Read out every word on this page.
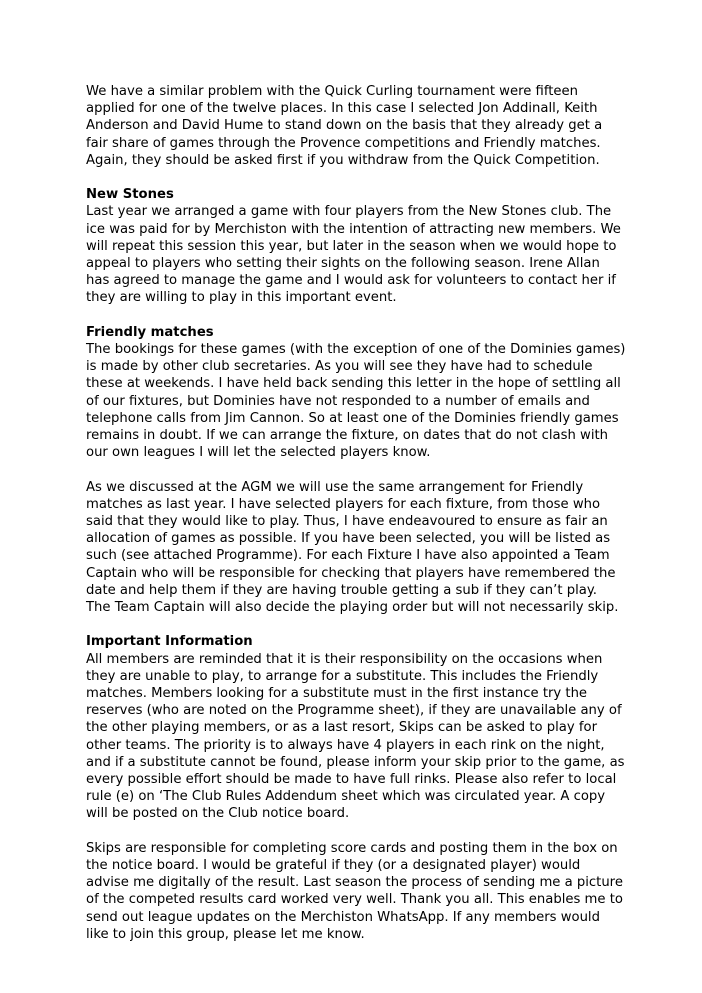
We have a similar problem with the Quick Curling tournament were fifteen
applied for one of the twelve places. In this case I selected Jon Addinall, Keith
Anderson and David Hume to stand down on the basis that they already get a
fair share of games through the Provence competitions and Friendly matches.
Again, they should be asked first if you withdraw from the Quick Competition.

New Stones

Last year we arranged a game with four players from the New Stones club. The
ice was paid for by Merchiston with the intention of attracting new members. We
will repeat this session this year, but later in the season when we would hope to
appeal to players who setting their sights on the following season. Irene Allan
has agreed to manage the game and I would ask for volunteers to contact her if
they are willing to play in this important event.

Friendly matches

The bookings for these games (with the exception of one of the Dominies games)
is made by other club secretaries. As you will see they have had to schedule
these at weekends. I have held back sending this letter in the hope of settling all
of our fixtures, but Dominies have not responded to a number of emails and
telephone calls from Jim Cannon. So at least one of the Dominies friendly games
remains in doubt. If we can arrange the fixture, on dates that do not clash with
our own leagues I will let the selected players know.

As we discussed at the AGM we will use the same arrangement for Friendly
matches as last year. I have selected players for each fixture, from those who
said that they would like to play. Thus, I have endeavoured to ensure as fair an
allocation of games as possible. If you have been selected, you will be listed as
such (see attached Programme). For each Fixture I have also appointed a Team
Captain who will be responsible for checking that players have remembered the
date and help them if they are having trouble getting a sub if they can’t play.
The Team Captain will also decide the playing order but will not necessarily skip.

Important Information

All members are reminded that it is their responsibility on the occasions when
they are unable to play, to arrange for a substitute. This includes the Friendly
matches. Members looking for a substitute must in the first instance try the
reserves (who are noted on the Programme sheet), if they are unavailable any of
the other playing members, or as a last resort, Skips can be asked to play for
other teams. The priority is to always have 4 players in each rink on the night,
and if a substitute cannot be found, please inform your skip prior to the game, as
every possible effort should be made to have full rinks. Please also refer to local
rule (e) on ‘The Club Rules Addendum sheet which was circulated year. A copy
will be posted on the Club notice board.

Skips are responsible for completing score cards and posting them in the box on
the notice board. I would be grateful if they (or a designated player) would
advise me digitally of the result. Last season the process of sending me a picture
of the competed results card worked very well. Thank you all. This enables me to
send out league updates on the Merchiston WhatsApp. If any members would
like to join this group, please let me know.
